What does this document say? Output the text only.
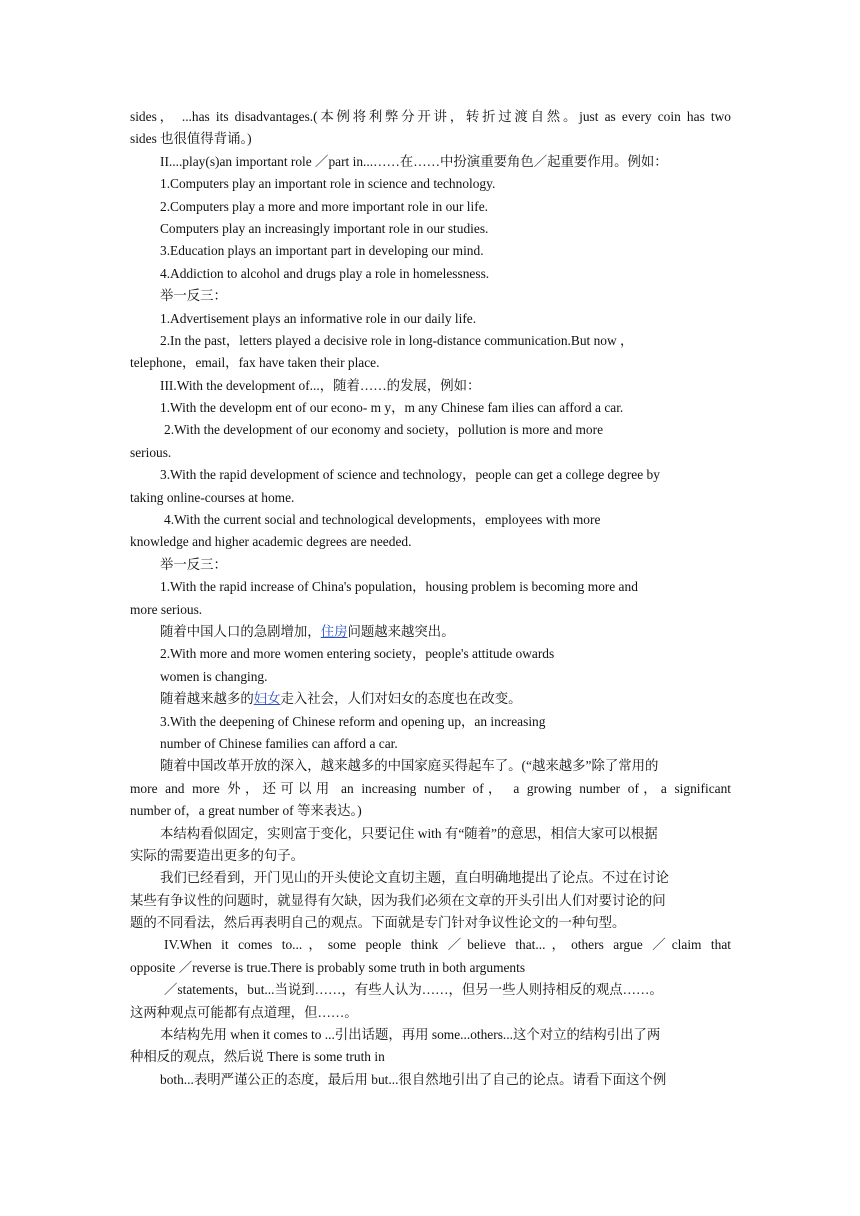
sides， ...has its disadvantages.(本例将利弊分开讲，转折过渡自然。just as every coin has two
sides 也很值得背诵。)
II....play(s)an important role ／part in...……在……中扮演重要角色／起重要作用。例如：
1.Computers play an important role in science and technology.
2.Computers play a more and more important role in our life.
Computers play an increasingly important role in our studies.
3.Education plays an important part in developing our mind.
4.Addiction to alcohol and drugs play a role in homelessness.
举一反三：
1.Advertisement plays an informative role in our daily life.
2.In the past，letters played a decisive role in long-distance communication.But now ，
telephone，email，fax have taken their place.
III.With the development of...，随着……的发展，例如：
1.With the developm ent of our econo- m y，m any Chinese fam ilies can afford a car.
2.With the development of our economy and society，pollution is more and more
serious.
3.With the rapid development of science and technology，people can get a college degree by
taking online-courses at home.
4.With the current social and technological developments，employees with more
knowledge and higher academic degrees are needed.
举一反三：
1.With the rapid increase of China's population，housing problem is becoming more and
more serious.
随着中国人口的急剧增加，住房问题越来越突出。
2.With more and more women entering society，people's attitude owards
women is changing.
随着越来越多的妇女走入社会，人们对妇女的态度也在改变。
3.With the deepening of Chinese reform and opening up，an increasing
number of Chinese families can afford a car.
随着中国改革开放的深入，越来越多的中国家庭买得起车了。(“越来越多”除了常用的
more and more 外，还可以用 an increasing number of， a growing number of，a significant
number of，a great number of 等来表达。)
本结构看似固定，实则富于变化，只要记住 with 有“随着”的意思，相信大家可以根据
实际的需要造出更多的句子。
我们已经看到，开门见山的开头使论文直切主题，直白明确地提出了论点。不过在讨论
某些有争议性的问题时，就显得有欠缺，因为我们必须在文章的开头引出人们对要讨论的问
题的不同看法，然后再表明自己的观点。下面就是专门针对争议性论文的一种句型。
IV.When it comes to...，some people think ／believe that...，others argue ／claim that
opposite ／reverse is true.There is probably some truth in both arguments
／statements，but...当说到……，有些人认为……，但另一些人则持相反的观点……。
这两种观点可能都有点道理，但……。
本结构先用 when it comes to ...引出话题，再用 some...others...这个对立的结构引出了两
种相反的观点，然后说 There is some truth in
both...表明严谨公正的态度，最后用 but...很自然地引出了自己的论点。请看下面这个例
